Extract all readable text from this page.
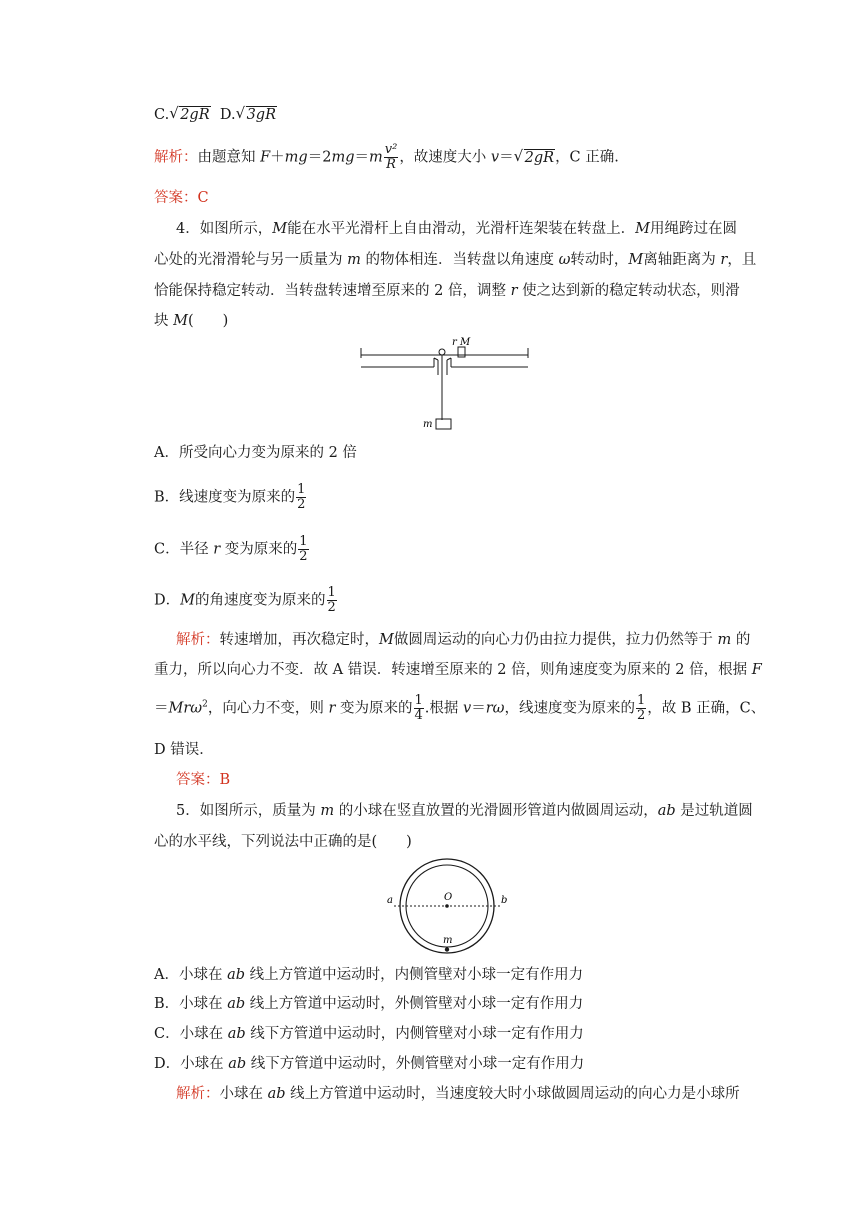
C. √ 2gR D. √ 3gR
解析：由题意知 $F+mg=2mg=m \frac{\text{v²}}{R}$ ，故速度大小 v＝ √ 2gR，C 正确.
答案：C
4．如图所示，M能在水平光滑杆上自由滑动，光滑杆连架装在转盘上．M用绳跨过在圆
心处的光滑滑轮与另一质量为 m 的物体相连．当转盘以角速度 ω转动时，M离轴距离为 r，且
恰能保持稳定转动．当转盘转速增至原来的 2 倍，调整 r 使之达到新的稳定转动状态，则滑
块 M(　　)
r M
m
A．所受向心力变为原来的 2 倍
B．线速度变为原来的 $\frac{1}{2}$
C．半径 r 变为原来的 $\frac{1}{2}$
D．M的角速度变为原来的 $\frac{1}{2}$
解析：转速增加，再次稳定时，M做圆周运动的向心力仍由拉力提供，拉力仍然等于 m 的
重力，所以向心力不变．故 A 错误．转速增至原来的 2 倍，则角速度变为原来的 2 倍，根据 F
＝Mrω$^2$，向心力不变，则 r 变为原来的 $\frac{1}{4}$ .根据 v＝rω，线速度变为原来的 $\frac{1}{2}$ ，故 B 正确，C、
D 错误．
答案：B
5．如图所示，质量为 m 的小球在竖直放置的光滑圆形管道内做圆周运动，ab 是过轨道圆
心的水平线，下列说法中正确的是(　　)
a	b
O
m
A．小球在 ab 线上方管道中运动时，内侧管壁对小球一定有作用力
B．小球在 ab 线上方管道中运动时，外侧管壁对小球一定有作用力
C．小球在 ab 线下方管道中运动时，内侧管壁对小球一定有作用力
D．小球在 ab 线下方管道中运动时，外侧管壁对小球一定有作用力
解析：小球在 ab 线上方管道中运动时，当速度较大时小球做圆周运动的向心力是小球所
